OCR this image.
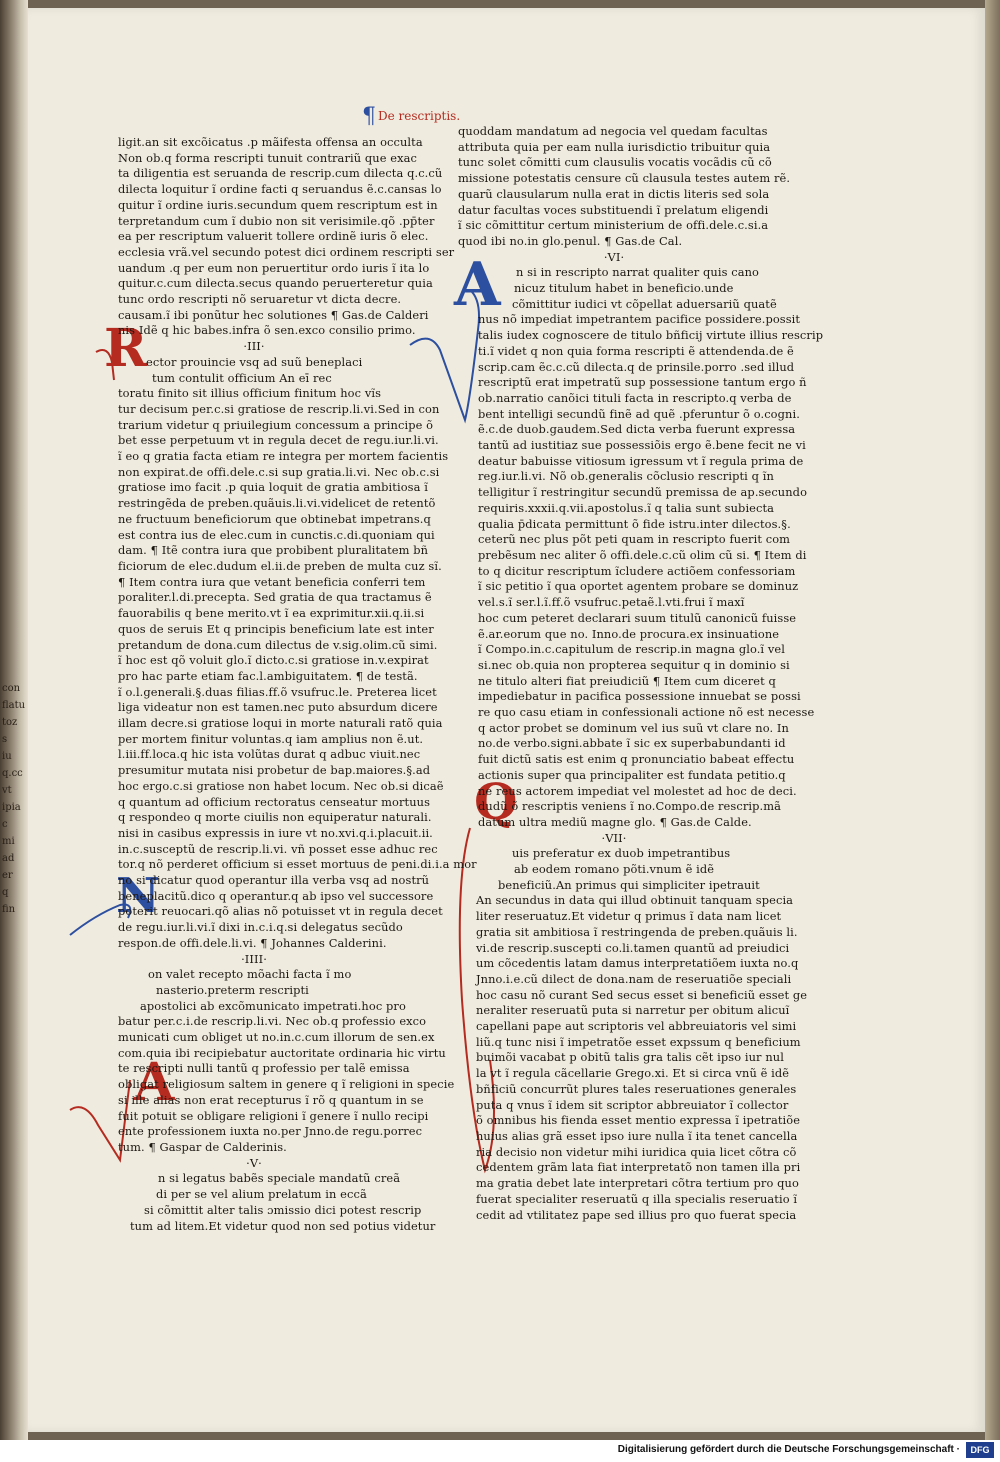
con
flatu
toz
s
iu
q.cc
vt
ipia
c
mi
ad
er
q
fin
¶ De rescriptis.
R
N
A
A
Q

ligit.an sit excõicatus .p mãifesta offensa an occulta

Non ob.q forma rescripti tunuit contrariũ que exac

ta diligentia est seruanda de rescrip.cum dilecta q.c.cũ

dilecta loquitur ĩ ordine facti q seruandus ẽ.c.cansas lo

quitur ĩ ordine iuris.secundum quem rescriptum est in

terpretandum cum ĩ dubio non sit verisimile.qõ .pp̄ter

ea per rescriptum valuerit tollere ordinẽ iuris õ elec.

ecclesia vrã.vel secundo potest dici ordinem rescripti ser

uandum .q per eum non peruertitur ordo iuris ĩ ita lo

quitur.c.cum dilecta.secus quando peruerteretur quia

tunc ordo rescripti nõ seruaretur vt dicta decre.

causam.ĩ ibi ponũtur hec solutiones ¶ Gas.de Calderi

nis Idẽ q hic babes.infra õ sen.exco consilio primo.

·III·

ector prouincie vsq ad suũ beneplaci

tum contulit officium An eī rec

toratu finito sit illius officium finitum hoc vĩs

tur decisum per.c.si gratiose de rescrip.li.vi.Sed in con

trarium videtur q priuilegium concessum a principe õ

bet esse perpetuum vt in regula decet de regu.iur.li.vi.

ĩ eo q gratia facta etiam re integra per mortem facientis

non expirat.de offi.dele.c.si sup gratia.li.vi. Nec ob.c.si

gratiose imo facit .p quia loquit de gratia ambitiosa ĩ

restringẽda de preben.quãuis.li.vi.videlicet de retentõ

ne fructuum beneficiorum que obtinebat impetrans.q

est contra ius de elec.cum in cunctis.c.di.quoniam qui

dam. ¶ Itẽ contra iura que probibent pluralitatem bñ

ficiorum de elec.dudum el.ii.de preben de multa cuz sĩ.

¶ Item contra iura que vetant beneficia conferri tem

poraliter.l.di.precepta. Sed gratia de qua tractamus ẽ

fauorabilis q bene merito.vt ĩ ea exprimitur.xii.q.ii.si

quos de seruis Et q principis beneficium late est inter

pretandum de dona.cum dilectus de v.sig.olim.cũ simi.

ĩ hoc est qõ voluit glo.ĩ dicto.c.si gratiose in.v.expirat

pro hac parte etiam fac.l.ambiguitatem. ¶ de testã.

ĩ o.l.generali.§.duas filias.ff.õ vsufruc.le. Preterea licet

liga videatur non est tamen.nec puto absurdum dicere

illam decre.si gratiose loqui in morte naturali ratõ quia

per mortem finitur voluntas.q iam amplius non ẽ.ut.

l.iii.ff.loca.q hic ista volũtas durat q adbuc viuit.nec

presumitur mutata nisi probetur de bap.maiores.§.ad

hoc ergo.c.si gratiose non habet locum. Nec ob.si dicaẽ

q quantum ad officium rectoratus censeatur mortuus

q respondeo q morte ciuilis non equiperatur naturali.

nisi in casibus expressis in iure vt no.xvi.q.i.placuit.ii.

in.c.susceptũ de rescrip.li.vi. vñ posset esse adhuc rec

tor.q nõ perderet officium si esset mortuus de peni.di.i.a mor

no si dicatur quod operantur illa verba vsq ad nostrũ

beneplacitũ.dico q operantur.q ab ipso vel successore

poterit reuocari.qõ alias nõ potuisset vt in regula decet

de regu.iur.li.vi.ĩ dixi in.c.i.q.si delegatus secũdo

respon.de offi.dele.li.vi. ¶ Johannes Calderini.

·IIII·

on valet recepto mõachi facta ĩ mo

nasterio.preterm rescripti

apostolici ab excõmunicato impetrati.hoc pro

batur per.c.i.de rescrip.li.vi. Nec ob.q professio exco

municati cum obliget ut no.in.c.cum illorum de sen.ex

com.quia ibi recipiebatur auctoritate ordinaria hic virtu

te rescripti nulli tantũ q professio per talẽ emissa

obligat religiosum saltem in genere q ĩ religioni in specie

si ille alias non erat recepturus ĩ rõ q quantum in se

fuit potuit se obligare religioni ĩ genere ĩ nullo recipi

ente professionem iuxta no.per Jnno.de regu.porrec

tum. ¶ Gaspar de Calderinis.

·V·

n si legatus babẽs speciale mandatũ creã

di per se vel alium prelatum in eccã

si cõmittit alter talis ɔmissio dici potest rescrip

tum ad litem.Et videtur quod non sed potius videtur

quoddam mandatum ad negocia vel quedam facultas

attributa quia per eam nulla iurisdictio tribuitur quia

tunc solet cõmitti cum clausulis vocatis vocãdis cũ cõ

missione potestatis censure cũ clausula testes autem rẽ.

quarũ clausularum nulla erat in dictis literis sed sola

datur facultas voces substituendi ĩ prelatum eligendi

ĩ sic cõmittitur certum ministerium de offi.dele.c.si.a

quod ibi no.in glo.penul. ¶ Gas.de Cal.

·VI·

n si in rescripto narrat qualiter quis cano

nicuz titulum habet in beneficio.unde

cõmittitur iudici vt cõpellat aduersariũ quatẽ

nus nõ impediat impetrantem pacifice possidere.possit

talis iudex cognoscere de titulo bñficij virtute illius rescrip

ti.ĩ videt q non quia forma rescripti ẽ attendenda.de ẽ

scrip.cam ẽc.c.cũ dilecta.q de prinsile.porro .sed illud

rescriptũ erat impetratũ sup possessione tantum ergo ñ

ob.narratio canõici tituli facta in rescripto.q verba de

bent intelligi secundũ finẽ ad quẽ .pferuntur õ o.cogni.

ẽ.c.de duob.gaudem.Sed dicta verba fuerunt expressa

tantũ ad iustitiaz sue possessiõis ergo ẽ.bene fecit ne vi

deatur babuisse vitiosum igressum vt ĩ regula prima de

reg.iur.li.vi. Nõ ob.generalis cõclusio rescripti q ĩn

telligitur ĩ restringitur secundũ premissa de ap.secundo

requiris.xxxii.q.vii.apostolus.ĩ q talia sunt subiecta

qualia p̄dicata permittunt õ fide istru.inter dilectos.§.

ceterũ nec plus põt peti quam in rescripto fuerit com

prebẽsum nec aliter õ offi.dele.c.cũ olim cũ si. ¶ Item di

to q dicitur rescriptum ĩcludere actiõem confessoriam

ĩ sic petitio ĩ qua oportet agentem probare se dominuz

vel.s.ĩ ser.l.ĩ.ff.õ vsufruc.petaẽ.l.vti.frui ĩ maxĩ

hoc cum peteret declarari suum titulũ canonicũ fuisse

ẽ.ar.eorum que no. Inno.de procura.ex insinuatione

ĩ Compo.in.c.capitulum de rescrip.in magna glo.ĩ vel

si.nec ob.quia non propterea sequitur q in dominio si

ne titulo alteri fiat preiudiciũ ¶ Item cum diceret q

impediebatur in pacifica possessione innuebat se possi

re quo casu etiam in confessionali actione nõ est necesse

q actor probet se dominum vel ius suũ vt clare no. In

no.de verbo.signi.abbate ĩ sic ex superbabundanti id

fuit dictũ satis est enim q pronunciatio babeat effectu

actionis super qua principaliter est fundata petitio.q

ne reus actorem impediat vel molestet ad hoc de deci.

dudũ õ rescriptis veniens ĩ no.Compo.de rescrip.mã

datum ultra mediũ magne glo. ¶ Gas.de Calde.

·VII·

uis preferatur ex duob impetrantibus

ab eodem romano põti.vnum ẽ idẽ

beneficiũ.An primus qui simpliciter ipetrauit

An secundus in data qui illud obtinuit tanquam specia

liter reseruatuz.Et videtur q primus ĩ data nam licet

gratia sit ambitiosa ĩ restringenda de preben.quãuis li.

vi.de rescrip.suscepti co.li.tamen quantũ ad preiudici

um cõcedentis latam damus interpretatiõem iuxta no.q

Jnno.i.e.cũ dilect de dona.nam de reseruatiõe speciali

hoc casu nõ curant Sed secus esset si beneficiũ esset ge

neraliter reseruatũ puta si narretur per obitum alicuĩ

capellani pape aut scriptoris vel abbreuiatoris vel simi

liũ.q tunc nisi ĩ impetratõe esset expssum q beneficium

buimõi vacabat p obitũ talis gra talis cẽt ipso iur nul

la vt ĩ regula cãcellarie Grego.xi. Et si circa vnũ ẽ idẽ

bñficiũ concurrũt plures tales reseruationes generales

puta q vnus ĩ idem sit scriptor abbreuiator ĩ collector

õ omnibus his fienda esset mentio expressa ĩ ipetratiõe

huius alias grã esset ipso iure nulla ĩ ita tenet cancella

ria decisio non videtur mihi iuridica quia licet cõtra cõ

cedentem grãm lata fiat interpretatõ non tamen illa pri

ma gratia debet late interpretari cõtra tertium pro quo

fuerat specialiter reseruatũ q illa specialis reseruatio ĩ

cedit ad vtilitatez pape sed illius pro quo fuerat specia

Digitalisierung gefördert durch die Deutsche Forschungsgemeinschaft ·	DFG
